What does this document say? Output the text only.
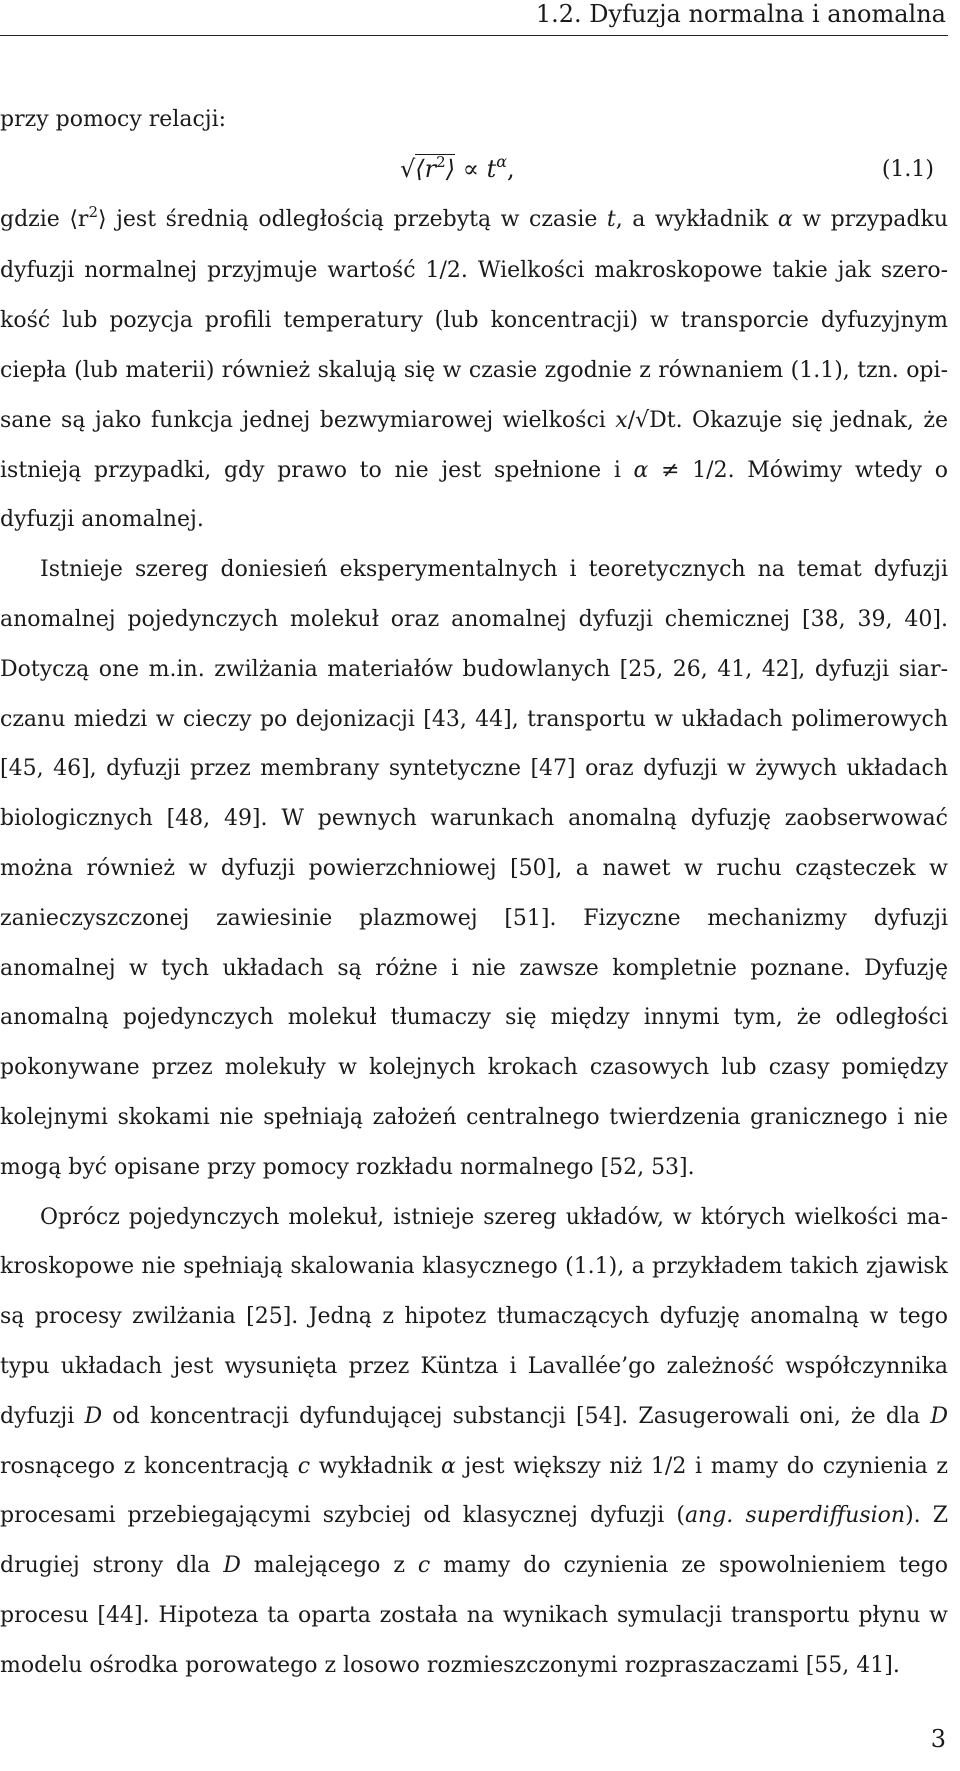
1.2. Dyfuzja normalna i anomalna

przy pomocy relacji:

$√⟨r^2⟩ \propto t^\alpha$,	(1.1)

gdzie $⟨r^2⟩$ jest średnią odległością przebytą w czasie t, a wykładnik α w przypadku dyfuzji normalnej przyjmuje wartość 1/2. Wielkości makroskopowe takie jak szerokość lub pozycja profili temperatury (lub koncentracji) w transporcie dyfuzyjnym ciepła (lub materii) również skalują się w czasie zgodnie z równaniem (1.1), tzn. opisane są jako funkcja jednej bezwymiarowej wielkości x/√Dt. Okazuje się jednak, że istnieją przypadki, gdy prawo to nie jest spełnione i α ≠ 1/2. Mówimy wtedy o dyfuzji anomalnej.

Istnieje szereg doniesień eksperymentalnych i teoretycznych na temat dyfuzji anomalnej pojedynczych molekuł oraz anomalnej dyfuzji chemicznej [38, 39, 40]. Dotyczą one m.in. zwilżania materiałów budowlanych [25, 26, 41, 42], dyfuzji siarczanu miedzi w cieczy po dejonizacji [43, 44], transportu w układach polimerowych [45, 46], dyfuzji przez membrany syntetyczne [47] oraz dyfuzji w żywych układach biologicznych [48, 49]. W pewnych warunkach anomalną dyfuzję zaobserwować można również w dyfuzji powierzchniowej [50], a nawet w ruchu cząsteczek w zanieczyszczonej zawiesinie plazmowej [51]. Fizyczne mechanizmy dyfuzji anomalnej w tych układach są różne i nie zawsze kompletnie poznane. Dyfuzję anomalną pojedynczych molekuł tłumaczy się między innymi tym, że odległości pokonywane przez molekuły w kolejnych krokach czasowych lub czasy pomiędzy kolejnymi skokami nie spełniają założeń centralnego twierdzenia granicznego i nie mogą być opisane przy pomocy rozkładu normalnego [52, 53].

Oprócz pojedynczych molekuł, istnieje szereg układów, w których wielkości makroskopowe nie spełniają skalowania klasycznego (1.1), a przykładem takich zjawisk są procesy zwilżania [25]. Jedną z hipotez tłumaczących dyfuzję anomalną w tego typu układach jest wysunięta przez Küntza i Lavallée’go zależność współczynnika dyfuzji D od koncentracji dyfundującej substancji [54]. Zasugerowali oni, że dla D rosnącego z koncentracją c wykładnik α jest większy niż 1/2 i mamy do czynienia z procesami przebiegającymi szybciej od klasycznej dyfuzji (ang. superdiffusion). Z drugiej strony dla D malejącego z c mamy do czynienia ze spowolnieniem tego procesu [44]. Hipoteza ta oparta została na wynikach symulacji transportu płynu w modelu ośrodka porowatego z losowo rozmieszczonymi rozpraszaczami [55, 41].

3
